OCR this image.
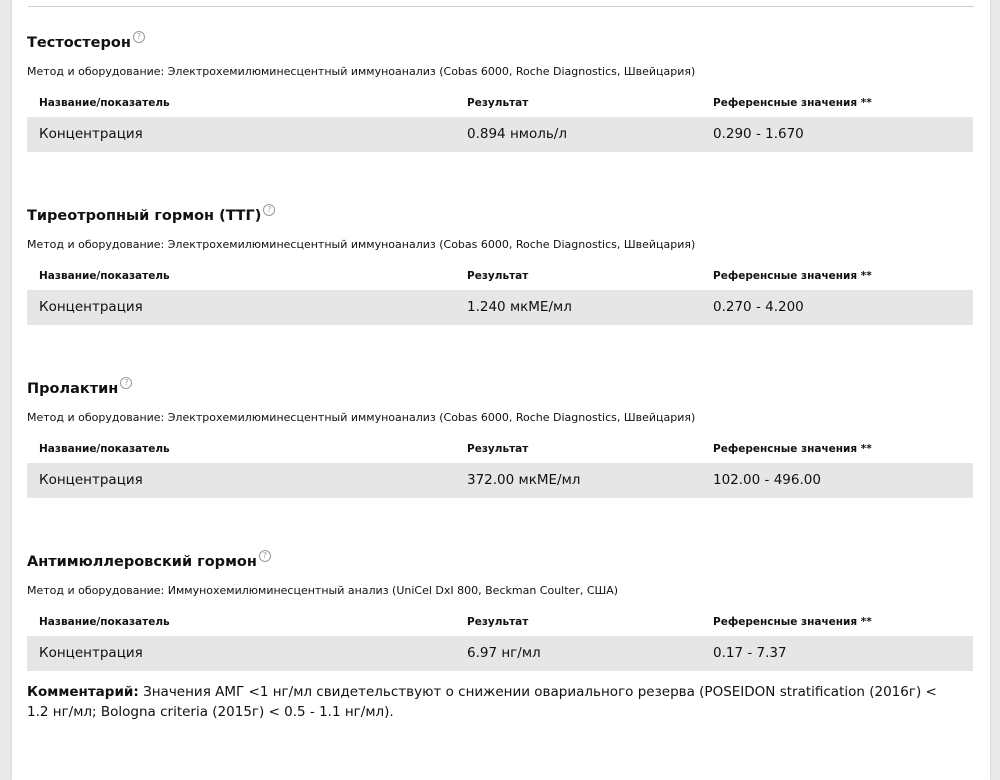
Тестостерон ?
Метод и оборудование: Электрохемилюминесцентный иммуноанализ (Cobas 6000, Roche Diagnostics, Швейцария)
Название/показатель	Результат	Референсные значения **
Концентрация	0.894 нмоль/л	0.290 - 1.670
Тиреотропный гормон (ТТГ) ?
Метод и оборудование: Электрохемилюминесцентный иммуноанализ (Cobas 6000, Roche Diagnostics, Швейцария)
Название/показатель	Результат	Референсные значения **
Концентрация	1.240 мкМЕ/мл	0.270 - 4.200
Пролактин ?
Метод и оборудование: Электрохемилюминесцентный иммуноанализ (Cobas 6000, Roche Diagnostics, Швейцария)
Название/показатель	Результат	Референсные значения **
Концентрация	372.00 мкМЕ/мл	102.00 - 496.00
Антимюллеровский гормон ?
Метод и оборудование: Иммунохемилюминесцентный анализ (UniCel DxI 800, Beckman Coulter, США)
Название/показатель	Результат	Референсные значения **
Концентрация	6.97 нг/мл	0.17 - 7.37
Комментарий: Значения АМГ <1 нг/мл свидетельствуют о снижении овариального резерва (POSEIDON stratification (2016г) < 1.2 нг/мл; Bologna criteria (2015г) < 0.5 - 1.1 нг/мл).
